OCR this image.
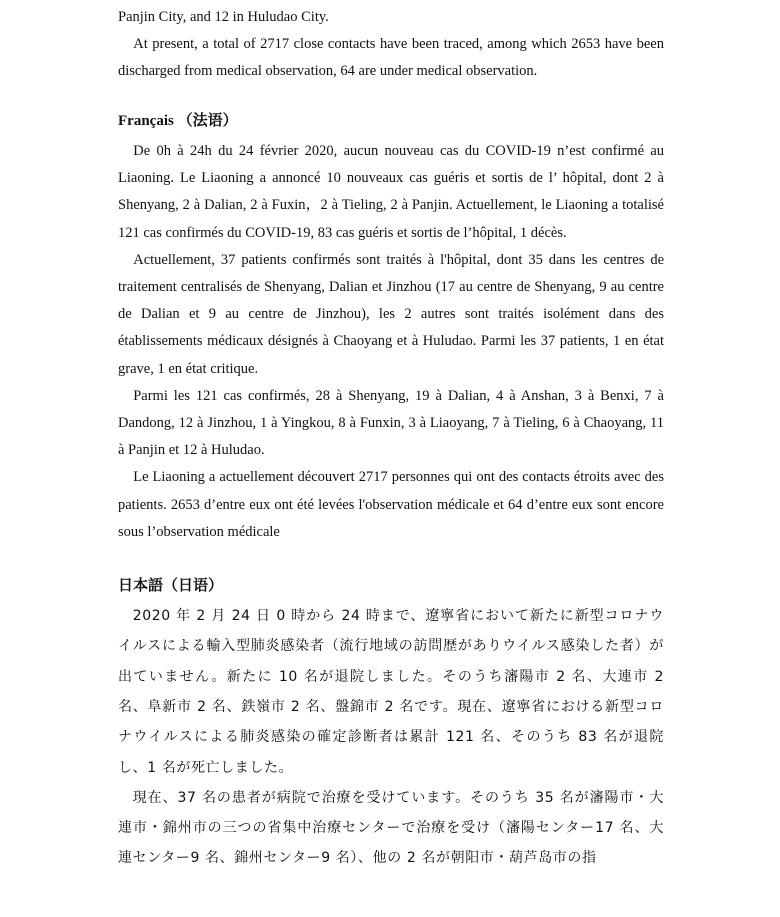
Panjin City, and 12 in Huludao City.

At present, a total of 2717 close contacts have been traced, among which 2653 have been discharged from medical observation, 64 are under medical observation.

Français （法语）

De 0h à 24h du 24 février 2020, aucun nouveau cas du COVID-19 n’est confirmé au Liaoning. Le Liaoning a annoncé 10 nouveaux cas guéris et sortis de l’ hôpital, dont 2 à Shenyang, 2 à Dalian, 2 à Fuxin，2 à Tieling, 2 à Panjin. Actuellement, le Liaoning a totalisé 121 cas confirmés du COVID-19, 83 cas guéris et sortis de l’hôpital, 1 décès.

Actuellement, 37 patients confirmés sont traités à l'hôpital, dont 35 dans les centres de traitement centralisés de Shenyang, Dalian et Jinzhou (17 au centre de Shenyang, 9 au centre de Dalian et 9 au centre de Jinzhou), les 2 autres sont traités isolément dans des établissements médicaux désignés à Chaoyang et à Huludao. Parmi les 37 patients, 1 en état grave, 1 en état critique.

Parmi les 121 cas confirmés, 28 à Shenyang, 19 à Dalian, 4 à Anshan, 3 à Benxi, 7 à Dandong, 12 à Jinzhou, 1 à Yingkou, 8 à Funxin, 3 à Liaoyang, 7 à Tieling, 6 à Chaoyang, 11 à Panjin et 12 à Huludao.

Le Liaoning a actuellement découvert 2717 personnes qui ont des contacts étroits avec des patients. 2653 d’entre eux ont été levées l'observation médicale et 64 d’entre eux sont encore sous l’observation médicale

日本語（日语）

2020 年 2 月 24 日 0 時から 24 時まで、遼寧省において新たに新型コロナウイルスによる輸入型肺炎感染者（流行地域の訪問歴がありウイルス感染した者）が出ていません。新たに 10 名が退院しました。そのうち瀋陽市 2 名、大連市 2 名、阜新市 2 名、鉄嶺市 2 名、盤錦市 2 名です。現在、遼寧省における新型コロナウイルスによる肺炎感染の確定診断者は累計 121 名、そのうち 83 名が退院し、1 名が死亡しました。

現在、37 名の患者が病院で治療を受けています。そのうち 35 名が瀋陽市・大連市・錦州市の三つの省集中治療センターで治療を受け（瀋陽センター17 名、大連センター9 名、錦州センター9 名）、他の 2 名が朝阳市・葫芦岛市の指
